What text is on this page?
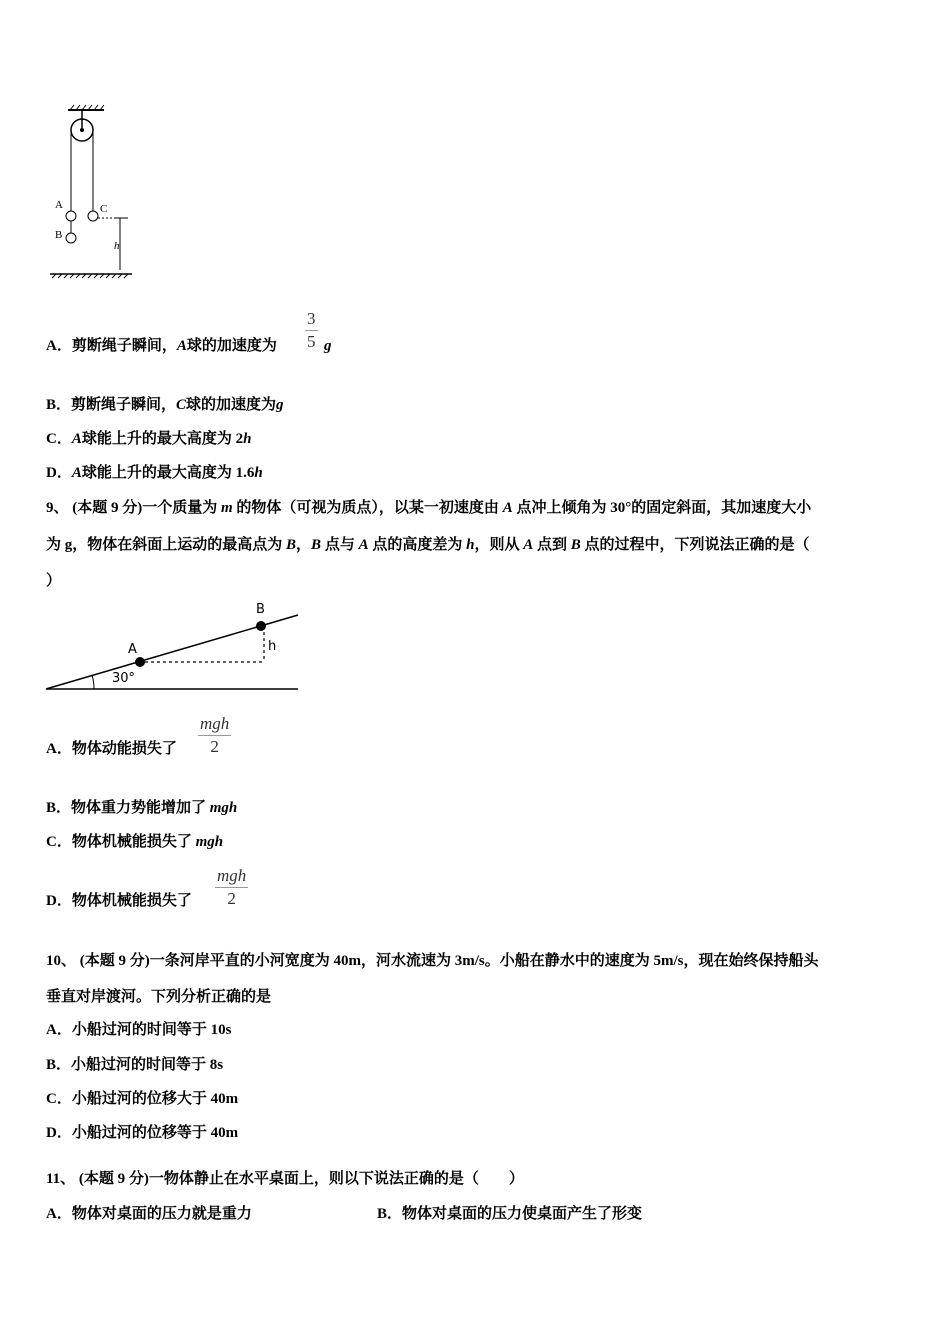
A	C
B
h
A．剪断绳子瞬间，A球的加速度为 $\frac{3}{5}$ g
B．剪断绳子瞬间，C球的加速度为g
C．A球能上升的最大高度为 2h
D．A球能上升的最大高度为 1.6h
9、 (本题 9 分)一个质量为 m 的物体（可视为质点），以某一初速度由 A 点冲上倾角为 30°的固定斜面，其加速度大小
为 g，物体在斜面上运动的最高点为 B，B 点与 A 点的高度差为 h，则从 A 点到 B 点的过程中，下列说法正确的是（
）
A
B
h
30°
A．物体动能损失了
mgh
2
B．物体重力势能增加了 mgh
C．物体机械能损失了 mgh
D．物体机械能损失了
mgh
2
10、 (本题 9 分)一条河岸平直的小河宽度为 40m，河水流速为 3m/s。小船在静水中的速度为 5m/s，现在始终保持船头
垂直对岸渡河。下列分析正确的是
A．小船过河的时间等于 10s
B．小船过河的时间等于 8s
C．小船过河的位移大于 40m
D．小船过河的位移等于 40m
11、 (本题 9 分)一物体静止在水平桌面上，则以下说法正确的是（　　）
A．物体对桌面的压力就是重力	B．物体对桌面的压力使桌面产生了形变
